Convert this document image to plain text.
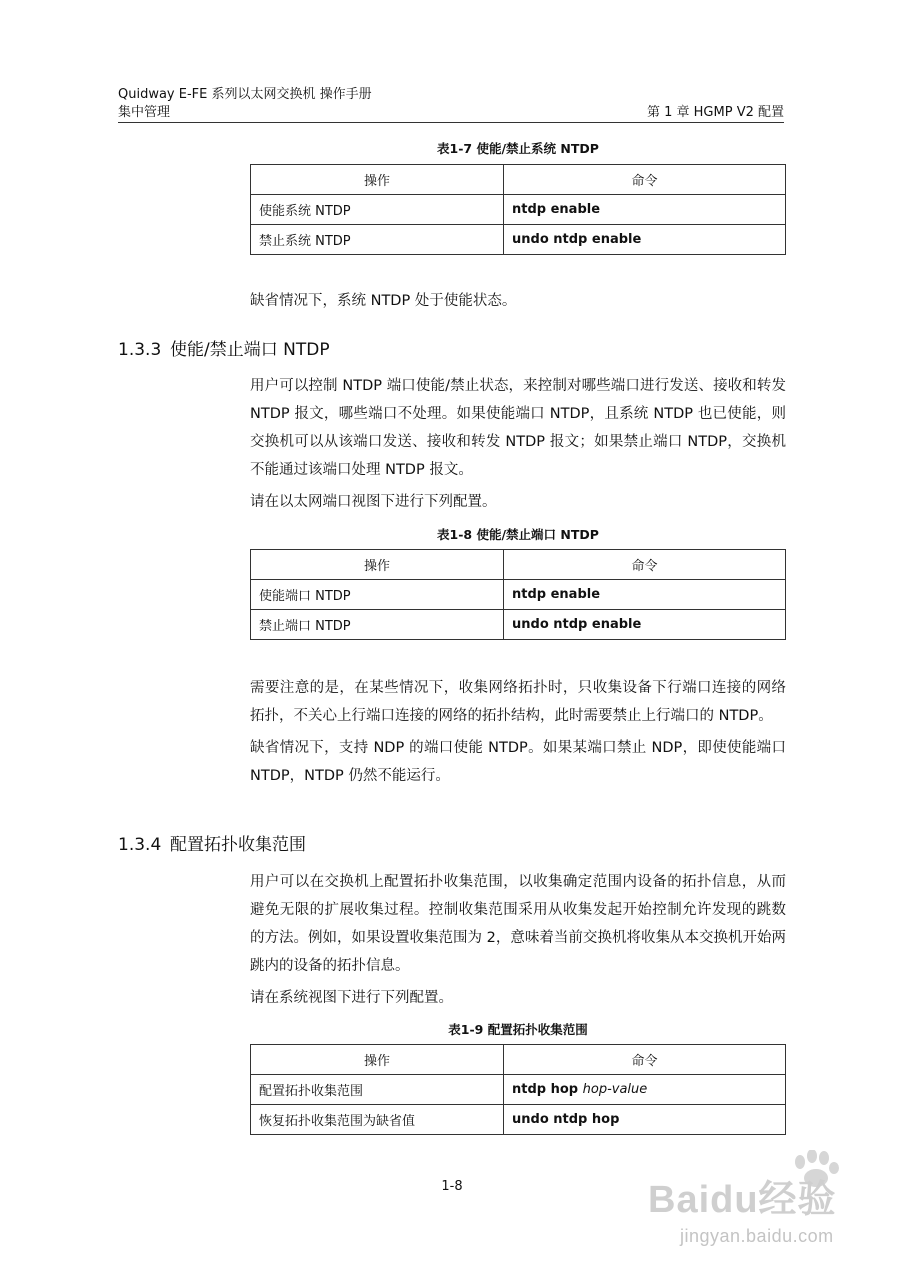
Quidway E-FE 系列以太网交换机 操作手册
集中管理	第 1 章 HGMP V2 配置
表1-7 使能/禁止系统 NTDP
操作	命令
使能系统 NTDP	ntdp enable
禁止系统 NTDP	undo ntdp enable

缺省情况下，系统 NTDP 处于使能状态。

1.3.3 使能/禁止端口 NTDP

用户可以控制 NTDP 端口使能/禁止状态，来控制对哪些端口进行发送、接收和转发 NTDP 报文，哪些端口不处理。如果使能端口 NTDP，且系统 NTDP 也已使能，则交换机可以从该端口发送、接收和转发 NTDP 报文；如果禁止端口 NTDP，交换机不能通过该端口处理 NTDP 报文。

请在以太网端口视图下进行下列配置。

表1-8 使能/禁止端口 NTDP
操作	命令
使能端口 NTDP	ntdp enable
禁止端口 NTDP	undo ntdp enable

需要注意的是，在某些情况下，收集网络拓扑时，只收集设备下行端口连接的网络拓扑，不关心上行端口连接的网络的拓扑结构，此时需要禁止上行端口的 NTDP。

缺省情况下，支持 NDP 的端口使能 NTDP。如果某端口禁止 NDP，即使使能端口 NTDP，NTDP 仍然不能运行。

1.3.4 配置拓扑收集范围

用户可以在交换机上配置拓扑收集范围，以收集确定范围内设备的拓扑信息，从而避免无限的扩展收集过程。控制收集范围采用从收集发起开始控制允许发现的跳数的方法。例如，如果设置收集范围为 2，意味着当前交换机将收集从本交换机开始两跳内的设备的拓扑信息。

请在系统视图下进行下列配置。

表1-9 配置拓扑收集范围
操作	命令
配置拓扑收集范围	ntdp hop hop-value
恢复拓扑收集范围为缺省值	undo ntdp hop
1-8	Baidu经验
jingyan.baidu.com
